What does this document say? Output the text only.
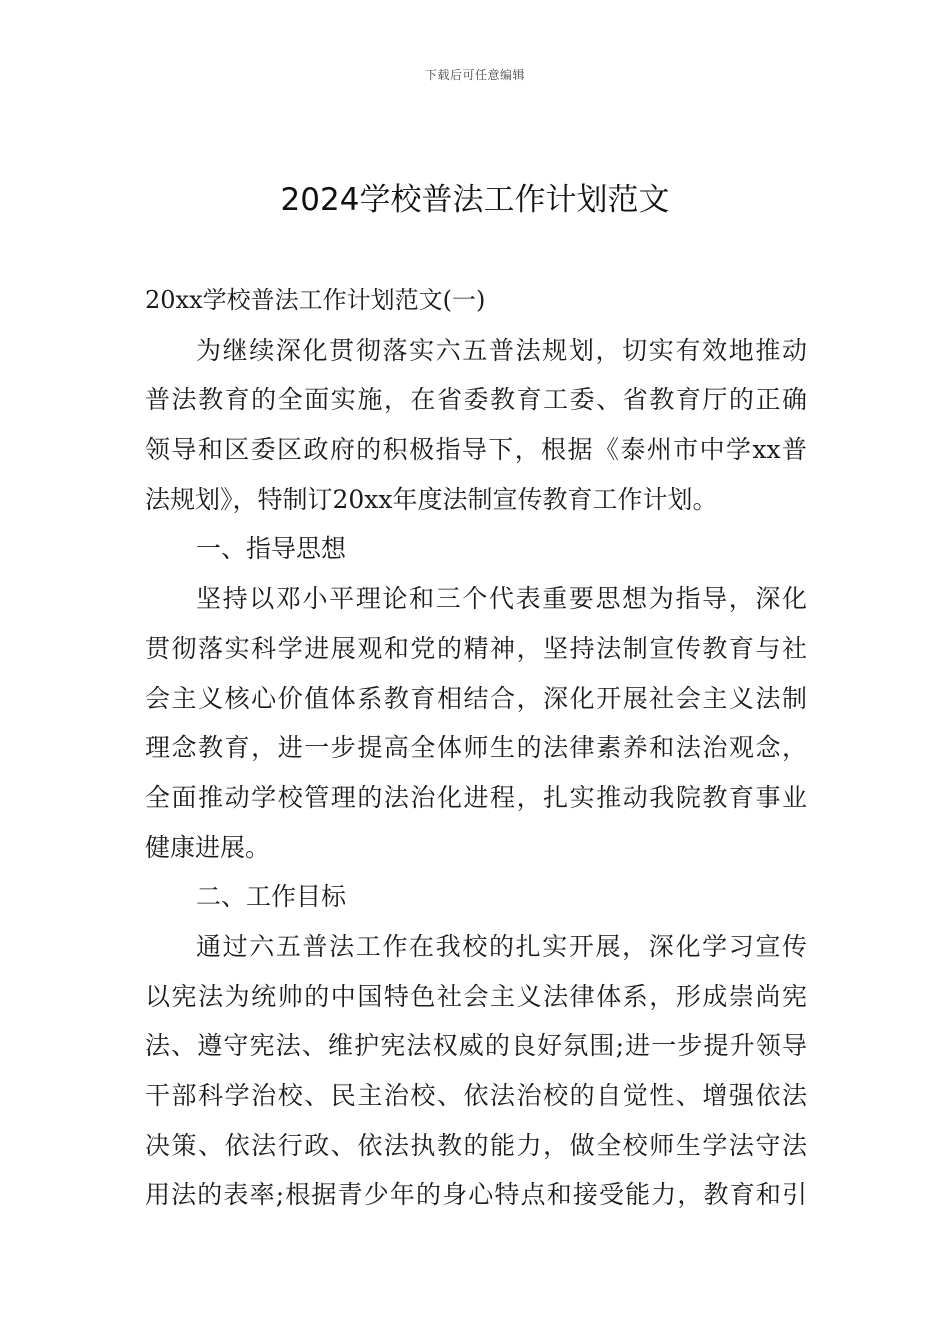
下载后可任意编辑
2024学校普法工作计划范文
20xx学校普法工作计划范文(一)
为继续深化贯彻落实六五普法规划，切实有效地推动
普法教育的全面实施，在省委教育工委、省教育厅的正确
领导和区委区政府的积极指导下，根据《泰州市中学xx普
法规划》，特制订20xx年度法制宣传教育工作计划。
一、指导思想
坚持以邓小平理论和三个代表重要思想为指导，深化
贯彻落实科学进展观和党的精神，坚持法制宣传教育与社
会主义核心价值体系教育相结合，深化开展社会主义法制
理念教育，进一步提高全体师生的法律素养和法治观念，
全面推动学校管理的法治化进程，扎实推动我院教育事业
健康进展。
二、工作目标
通过六五普法工作在我校的扎实开展，深化学习宣传
以宪法为统帅的中国特色社会主义法律体系，形成崇尚宪
法、遵守宪法、维护宪法权威的良好氛围;进一步提升领导
干部科学治校、民主治校、依法治校的自觉性、增强依法
决策、依法行政、依法执教的能力，做全校师生学法守法
用法的表率;根据青少年的身心特点和接受能力，教育和引
